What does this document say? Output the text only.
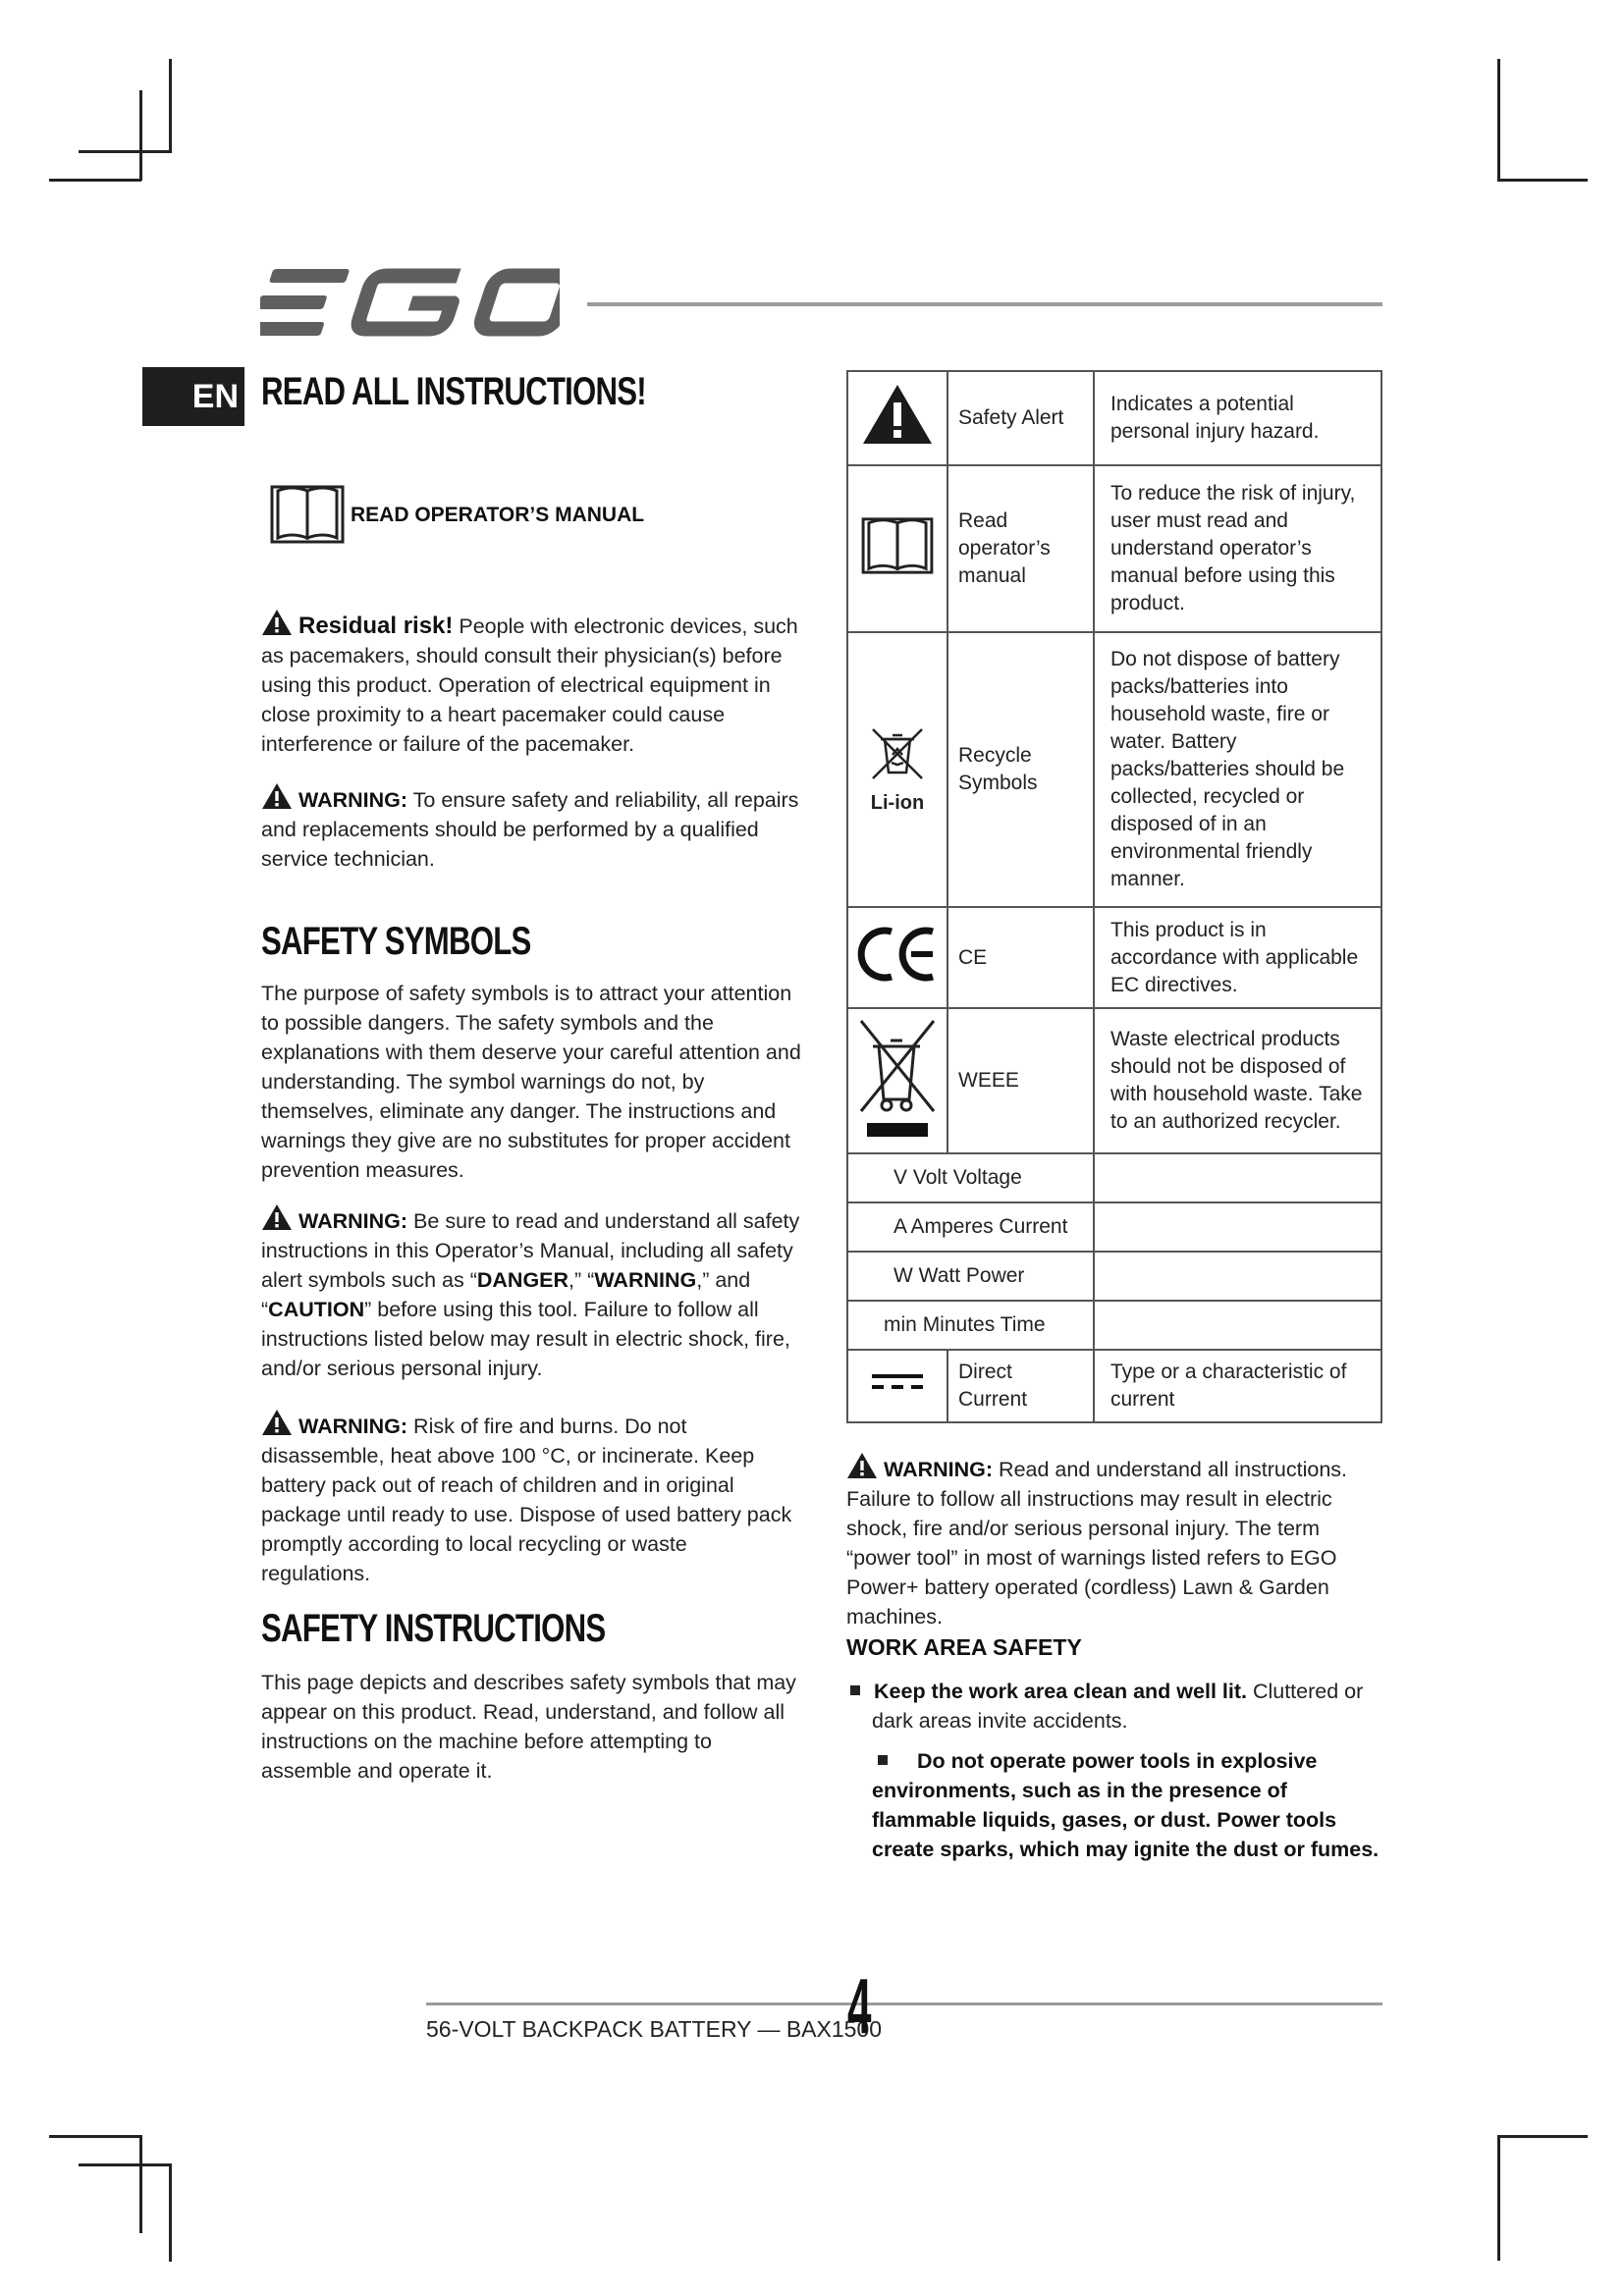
EN READ ALL INSTRUCTIONS!
READ OPERATOR’S MANUAL
Residual risk! People with electronic devices, such as pacemakers, should consult their physician(s) before using this product. Operation of electrical equipment in close proximity to a heart pacemaker could cause interference or failure of the pacemaker.
WARNING: To ensure safety and reliability, all repairs and replacements should be performed by a qualified service technician.
SAFETY SYMBOLS
The purpose of safety symbols is to attract your attention to possible dangers. The safety symbols and the explanations with them deserve your careful attention and understanding. The symbol warnings do not, by themselves, eliminate any danger. The instructions and warnings they give are no substitutes for proper accident prevention measures.
WARNING: Be sure to read and understand all safety instructions in this Operator’s Manual, including all safety alert symbols such as “DANGER,” “WARNING,” and “CAUTION” before using this tool. Failure to follow all instructions listed below may result in electric shock, fire, and/or serious personal injury.
WARNING: Risk of fire and burns. Do not disassemble, heat above 100 °C, or incinerate. Keep battery pack out of reach of children and in original package until ready to use. Dispose of used battery pack promptly according to local recycling or waste regulations.
SAFETY INSTRUCTIONS
This page depicts and describes safety symbols that may appear on this product. Read, understand, and follow all instructions on the machine before attempting to assemble and operate it.
	Safety Alert	Indicates a potential personal injury hazard.
	Read operator’s manual	To reduce the risk of injury, user must read and understand operator’s manual before using this product.

Li-ion	Recycle Symbols	Do not dispose of battery packs/batteries into household waste, fire or water. Battery packs/batteries should be collected, recycled or disposed of in an environmental friendly manner.
	CE	This product is in accordance with applicable EC directives.
	WEEE	Waste electrical products should not be disposed of with household waste. Take to an authorized recycler.
V Volt Voltage		
A Amperes Current		
W Watt Power		
min Minutes Time		
	Direct Current	Type or a characteristic of current
WARNING: Read and understand all instructions. Failure to follow all instructions may result in electric shock, fire and/or serious personal injury. The term “power tool” in most of warnings listed refers to EGO Power+ battery operated (cordless) Lawn & Garden machines.
WORK AREA SAFETY
Keep the work area clean and well lit. Cluttered or dark areas invite accidents.
Do not operate power tools in explosive environments, such as in the presence of flammable liquids, gases, or dust. Power tools create sparks, which may ignite the dust or fumes.
56-VOLT BACKPACK BATTERY — BAX1500
4
